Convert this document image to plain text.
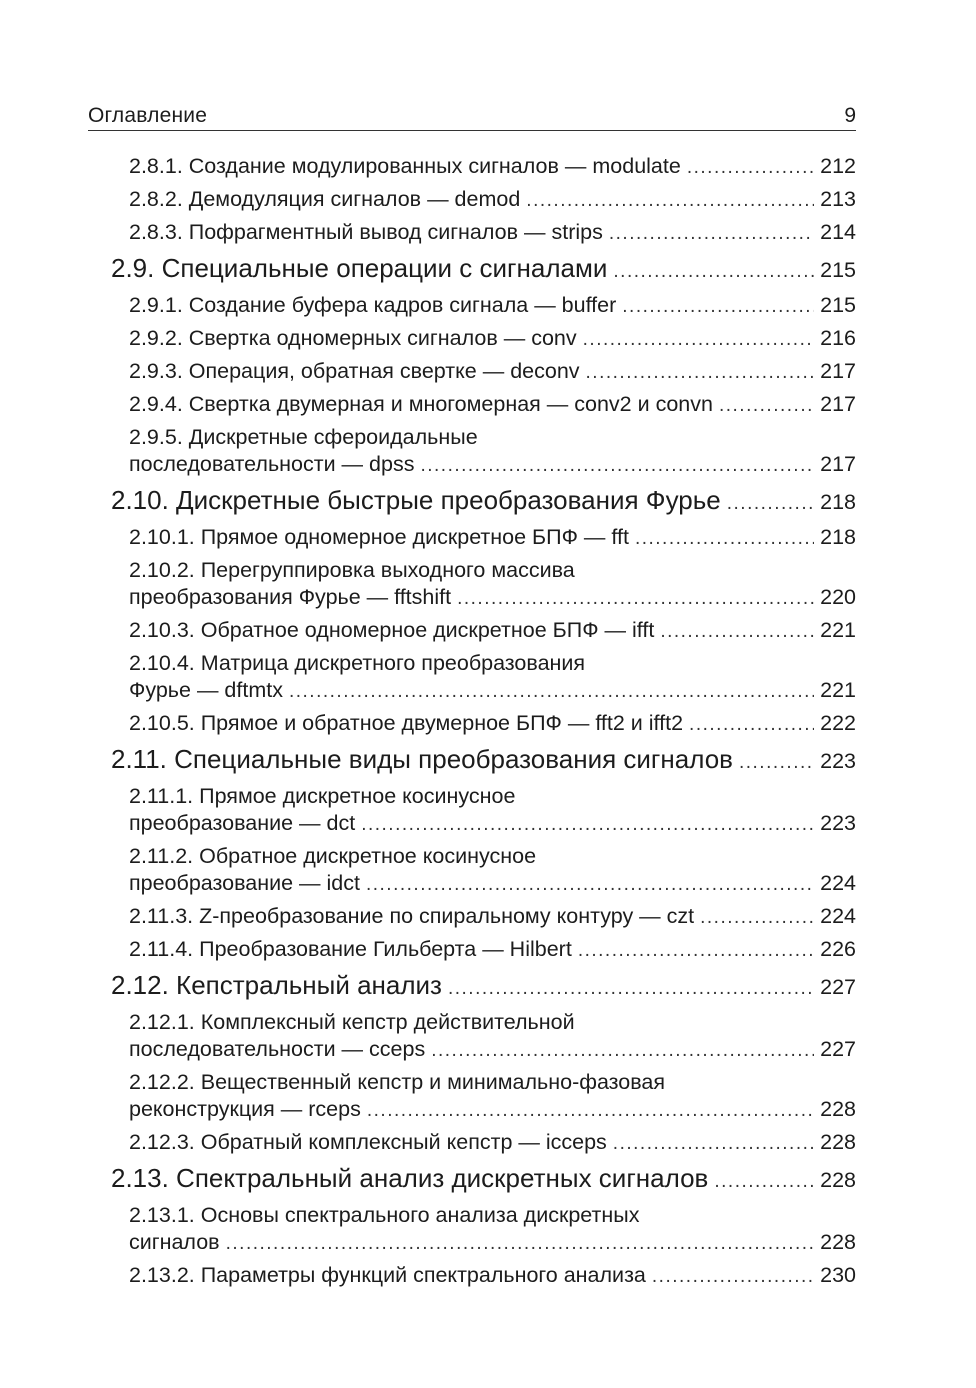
Оглавление	9
2.8.1. Создание модулированных сигналов — modulate .....	212
2.8.2. Демодуляция сигналов — demod .....	213
2.8.3. Пофрагментный вывод сигналов — strips .....	214
2.9. Специальные операции с сигналами .....	215
2.9.1. Создание буфера кадров сигнала — buffer .....	215
2.9.2. Свертка одномерных сигналов — conv .....	216
2.9.3. Операция, обратная свертке — deconv .....	217
2.9.4. Свертка двумерная и многомерная — conv2 и convn .....	217
2.9.5. Дискретные сфероидальные
последовательности — dpss .....	217
2.10. Дискретные быстрые преобразования Фурье .....	218
2.10.1. Прямое одномерное дискретное БПФ — fft .....	218
2.10.2. Перегруппировка выходного массива
преобразования Фурье — fftshift .....	220
2.10.3. Обратное одномерное дискретное БПФ — ifft .....	221
2.10.4. Матрица дискретного преобразования
Фурье — dftmtx .....	221
2.10.5. Прямое и обратное двумерное БПФ — fft2 и ifft2 .....	222
2.11. Специальные виды преобразования сигналов .....	223
2.11.1. Прямое дискретное косинусное
преобразование — dct .....	223
2.11.2. Обратное дискретное косинусное
преобразование — idct .....	224
2.11.3. Z-преобразование по спиральному контуру — czt .....	224
2.11.4. Преобразование Гильберта — Hilbert .....	226
2.12. Кепстральный анализ .....	227
2.12.1. Комплексный кепстр действительной
последовательности — cceps .....	227
2.12.2. Вещественный кепстр и минимально-фазовая
реконструкция — rceps .....	228
2.12.3. Обратный комплексный кепстр — icceps .....	228
2.13. Спектральный анализ дискретных сигналов .....	228
2.13.1. Основы спектрального анализа дискретных
сигналов .....	228
2.13.2. Параметры функций спектрального анализа .....	230
